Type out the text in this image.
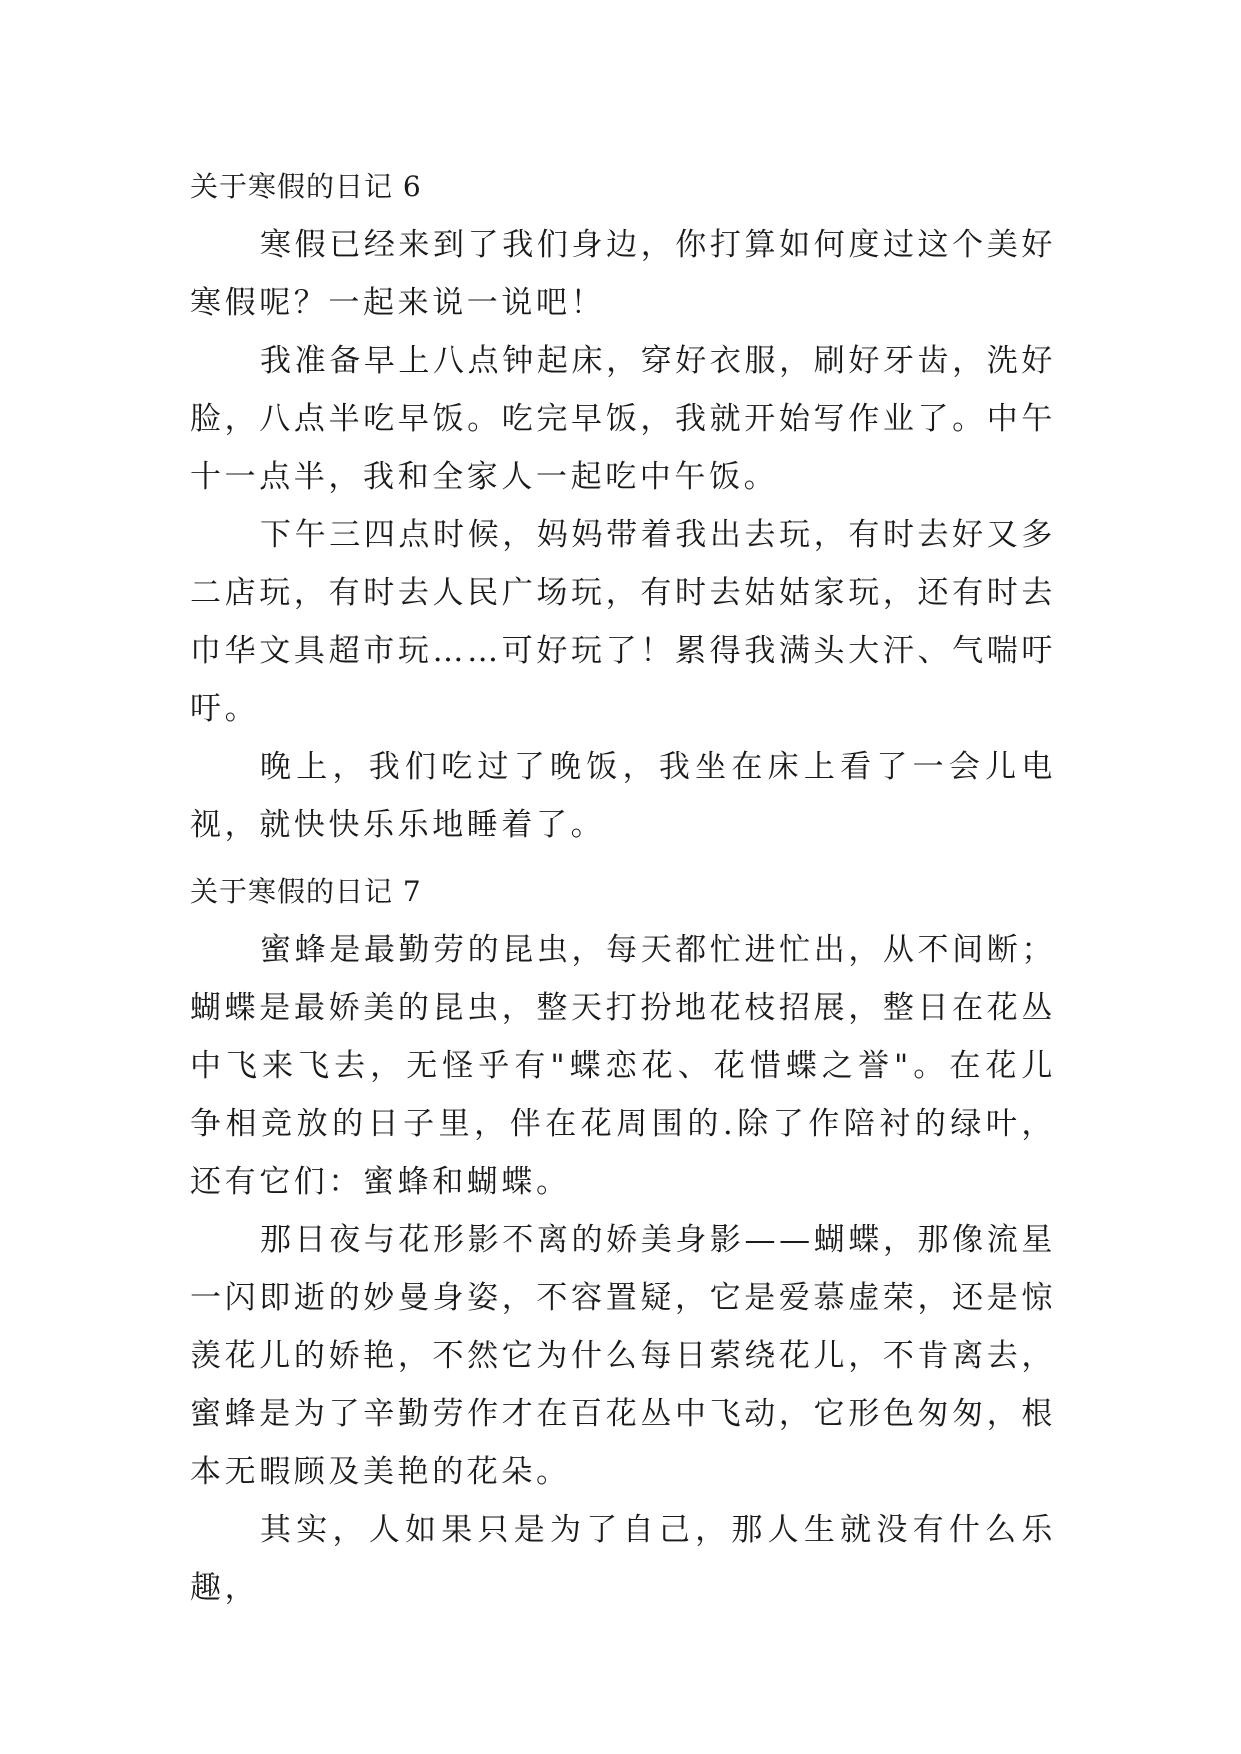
关于寒假的日记 6

寒假已经来到了我们身边，你打算如何度过这个美好寒假呢？一起来说一说吧！

我准备早上八点钟起床，穿好衣服，刷好牙齿，洗好脸，八点半吃早饭。吃完早饭，我就开始写作业了。中午十一点半，我和全家人一起吃中午饭。

下午三四点时候，妈妈带着我出去玩，有时去好又多二店玩，有时去人民广场玩，有时去姑姑家玩，还有时去巾华文具超市玩……可好玩了！累得我满头大汗、气喘吁吁。

晚上，我们吃过了晚饭，我坐在床上看了一会儿电视，就快快乐乐地睡着了。

关于寒假的日记 7

蜜蜂是最勤劳的昆虫，每天都忙进忙出，从不间断；蝴蝶是最娇美的昆虫，整天打扮地花枝招展，整日在花丛中飞来飞去，无怪乎有"蝶恋花、花惜蝶之誉"。在花儿争相竞放的日子里，伴在花周围的.除了作陪衬的绿叶，还有它们：蜜蜂和蝴蝶。

那日夜与花形影不离的娇美身影——蝴蝶，那像流星一闪即逝的妙曼身姿，不容置疑，它是爱慕虚荣，还是惊羡花儿的娇艳，不然它为什么每日萦绕花儿，不肯离去，蜜蜂是为了辛勤劳作才在百花丛中飞动，它形色匆匆，根本无暇顾及美艳的花朵。

其实，人如果只是为了自己，那人生就没有什么乐趣，
